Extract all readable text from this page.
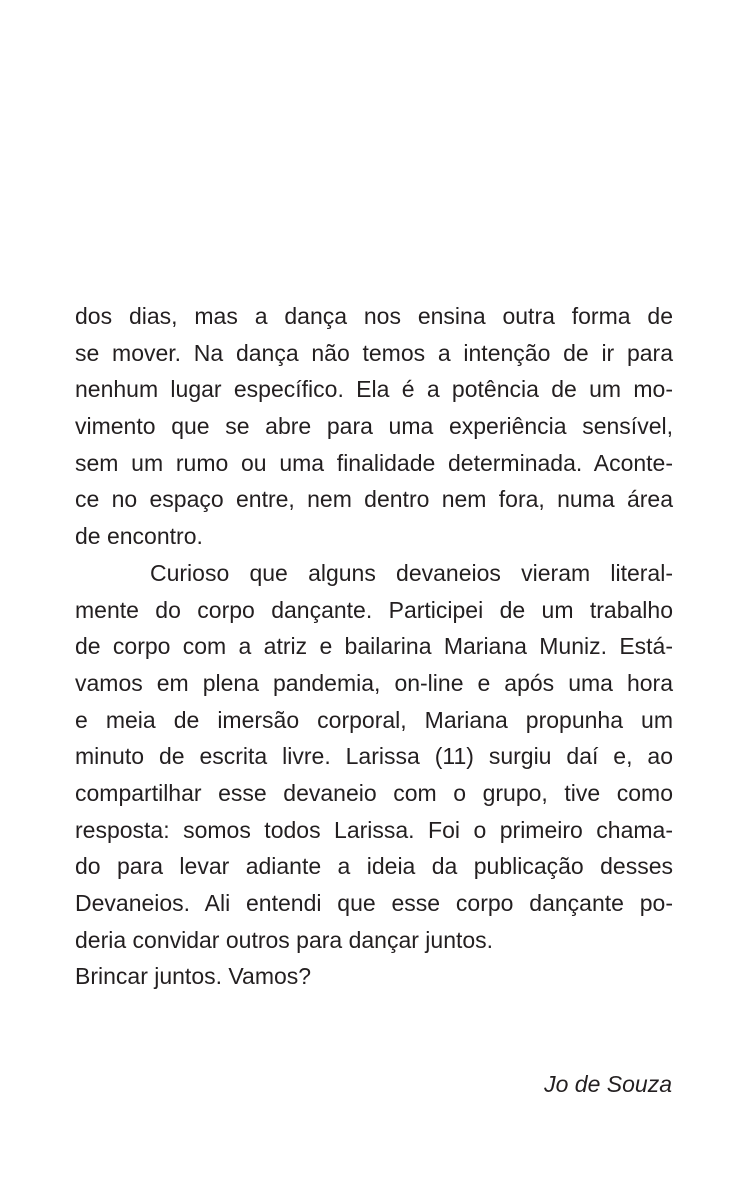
dos dias, mas a dança nos ensina outra forma de
se mover. Na dança não temos a intenção de ir para
nenhum lugar específico. Ela é a potência de um mo-
vimento que se abre para uma experiência sensível,
sem um rumo ou uma finalidade determinada. Aconte-
ce no espaço entre, nem dentro nem fora, numa área
de encontro.
Curioso que alguns devaneios vieram literal-
mente do corpo dançante. Participei de um trabalho
de corpo com a atriz e bailarina Mariana Muniz. Está-
vamos em plena pandemia, on-line e após uma hora
e meia de imersão corporal, Mariana propunha um
minuto de escrita livre. Larissa (11) surgiu daí e, ao
compartilhar esse devaneio com o grupo, tive como
resposta: somos todos Larissa. Foi o primeiro chama-
do para levar adiante a ideia da publicação desses
Devaneios. Ali entendi que esse corpo dançante po-
deria convidar outros para dançar juntos.
Brincar juntos. Vamos?
Jo de Souza
